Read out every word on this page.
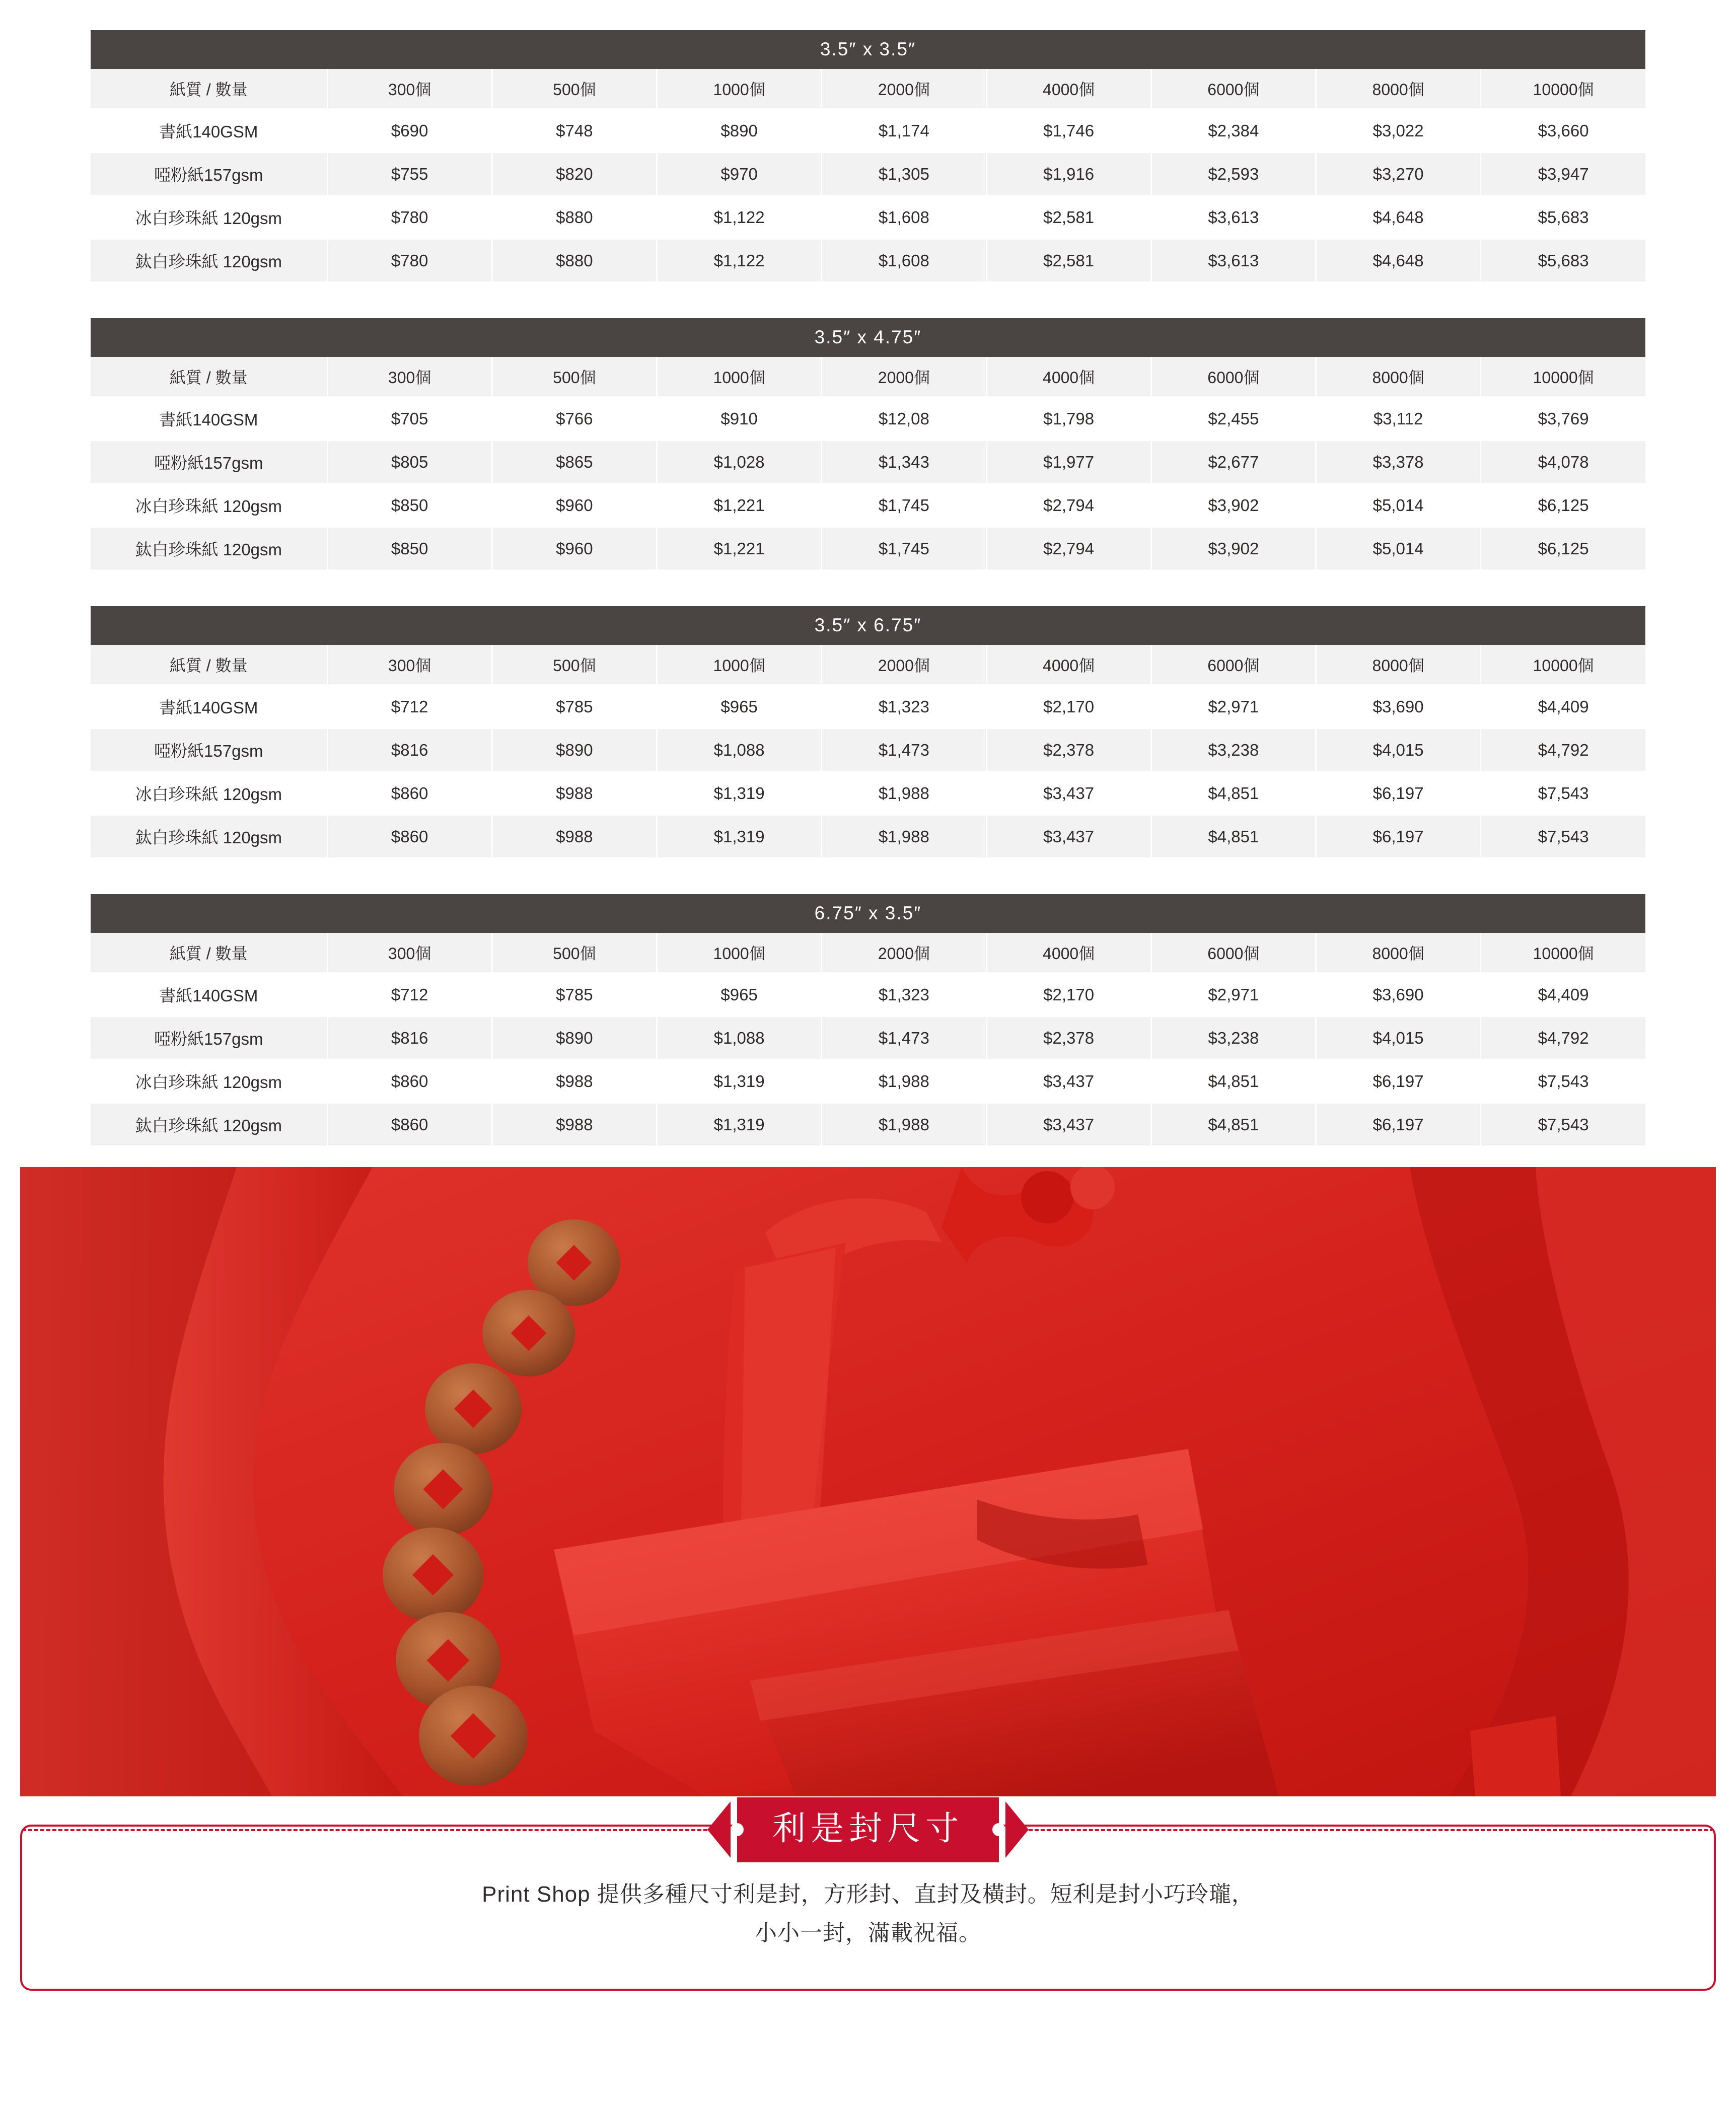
3.5″ x 3.5″
紙質 / 數量	300個	500個	1000個	2000個	4000個	6000個	8000個	10000個
書紙140GSM	$690	$748	$890	$1,174	$1,746	$2,384	$3,022	$3,660
啞粉紙157gsm	$755	$820	$970	$1,305	$1,916	$2,593	$3,270	$3,947
冰白珍珠紙 120gsm	$780	$880	$1,122	$1,608	$2,581	$3,613	$4,648	$5,683
鈦白珍珠紙 120gsm	$780	$880	$1,122	$1,608	$2,581	$3,613	$4,648	$5,683
3.5″ x 4.75″
紙質 / 數量	300個	500個	1000個	2000個	4000個	6000個	8000個	10000個
書紙140GSM	$705	$766	$910	$12,08	$1,798	$2,455	$3,112	$3,769
啞粉紙157gsm	$805	$865	$1,028	$1,343	$1,977	$2,677	$3,378	$4,078
冰白珍珠紙 120gsm	$850	$960	$1,221	$1,745	$2,794	$3,902	$5,014	$6,125
鈦白珍珠紙 120gsm	$850	$960	$1,221	$1,745	$2,794	$3,902	$5,014	$6,125
3.5″ x 6.75″
紙質 / 數量	300個	500個	1000個	2000個	4000個	6000個	8000個	10000個
書紙140GSM	$712	$785	$965	$1,323	$2,170	$2,971	$3,690	$4,409
啞粉紙157gsm	$816	$890	$1,088	$1,473	$2,378	$3,238	$4,015	$4,792
冰白珍珠紙 120gsm	$860	$988	$1,319	$1,988	$3,437	$4,851	$6,197	$7,543
鈦白珍珠紙 120gsm	$860	$988	$1,319	$1,988	$3,437	$4,851	$6,197	$7,543
6.75″ x 3.5″
紙質 / 數量	300個	500個	1000個	2000個	4000個	6000個	8000個	10000個
書紙140GSM	$712	$785	$965	$1,323	$2,170	$2,971	$3,690	$4,409
啞粉紙157gsm	$816	$890	$1,088	$1,473	$2,378	$3,238	$4,015	$4,792
冰白珍珠紙 120gsm	$860	$988	$1,319	$1,988	$3,437	$4,851	$6,197	$7,543
鈦白珍珠紙 120gsm	$860	$988	$1,319	$1,988	$3,437	$4,851	$6,197	$7,543
利是封尺寸
Print Shop 提供多種尺寸利是封，方形封、直封及橫封。短利是封小巧玲瓏，
小小一封，滿載祝福。
